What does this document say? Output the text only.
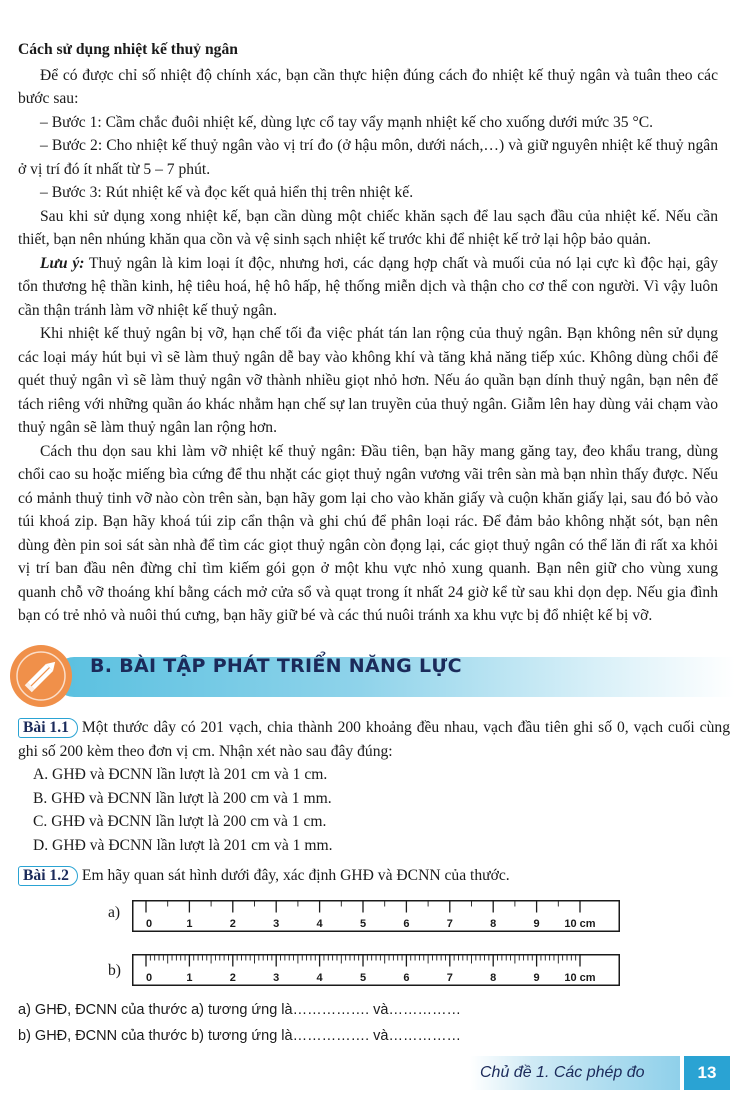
Cách sử dụng nhiệt kế thuỷ ngân

Để có được chỉ số nhiệt độ chính xác, bạn cần thực hiện đúng cách đo nhiệt kế thuỷ ngân và tuân theo các bước sau:

– Bước 1: Cầm chắc đuôi nhiệt kế, dùng lực cổ tay vẩy mạnh nhiệt kế cho xuống dưới mức 35 °C.

– Bước 2: Cho nhiệt kế thuỷ ngân vào vị trí đo (ở hậu môn, dưới nách,…) và giữ nguyên nhiệt kế thuỷ ngân ở vị trí đó ít nhất từ 5 – 7 phút.

– Bước 3: Rút nhiệt kế và đọc kết quả hiển thị trên nhiệt kế.

Sau khi sử dụng xong nhiệt kế, bạn cần dùng một chiếc khăn sạch để lau sạch đầu của nhiệt kế. Nếu cần thiết, bạn nên nhúng khăn qua cồn và vệ sinh sạch nhiệt kế trước khi để nhiệt kế trở lại hộp bảo quản.

Lưu ý: Thuỷ ngân là kim loại ít độc, nhưng hơi, các dạng hợp chất và muối của nó lại cực kì độc hại, gây tổn thương hệ thần kinh, hệ tiêu hoá, hệ hô hấp, hệ thống miễn dịch và thận cho cơ thể con người. Vì vậy luôn cần thận tránh làm vỡ nhiệt kế thuỷ ngân.

Khi nhiệt kế thuỷ ngân bị vỡ, hạn chế tối đa việc phát tán lan rộng của thuỷ ngân. Bạn không nên sử dụng các loại máy hút bụi vì sẽ làm thuỷ ngân dễ bay vào không khí và tăng khả năng tiếp xúc. Không dùng chổi để quét thuỷ ngân vì sẽ làm thuỷ ngân vỡ thành nhiều giọt nhỏ hơn. Nếu áo quần bạn dính thuỷ ngân, bạn nên để tách riêng với những quần áo khác nhằm hạn chế sự lan truyền của thuỷ ngân. Giẫm lên hay dùng vải chạm vào thuỷ ngân sẽ làm thuỷ ngân lan rộng hơn.

Cách thu dọn sau khi làm vỡ nhiệt kế thuỷ ngân: Đầu tiên, bạn hãy mang găng tay, đeo khẩu trang, dùng chổi cao su hoặc miếng bìa cứng để thu nhặt các giọt thuỷ ngân vương vãi trên sàn mà bạn nhìn thấy được. Nếu có mảnh thuỷ tinh vỡ nào còn trên sàn, bạn hãy gom lại cho vào khăn giấy và cuộn khăn giấy lại, sau đó bỏ vào túi khoá zip. Bạn hãy khoá túi zip cẩn thận và ghi chú để phân loại rác. Để đảm bảo không nhặt sót, bạn nên dùng đèn pin soi sát sàn nhà để tìm các giọt thuỷ ngân còn đọng lại, các giọt thuỷ ngân có thể lăn đi rất xa khỏi vị trí ban đầu nên đừng chỉ tìm kiếm gói gọn ở một khu vực nhỏ xung quanh. Bạn nên giữ cho vùng xung quanh chỗ vỡ thoáng khí bằng cách mở cửa sổ và quạt trong ít nhất 24 giờ kể từ sau khi dọn dẹp. Nếu gia đình bạn có trẻ nhỏ và nuôi thú cưng, bạn hãy giữ bé và các thú nuôi tránh xa khu vực bị đổ nhiệt kế bị vỡ.

B. BÀI TẬP PHÁT TRIỂN NĂNG LỰC

Bài 1.1 Một thước dây có 201 vạch, chia thành 200 khoảng đều nhau, vạch đầu tiên ghi số 0, vạch cuối cùng ghi số 200 kèm theo đơn vị cm. Nhận xét nào sau đây đúng:

A. GHĐ và ĐCNN lần lượt là 201 cm và 1 cm.
B. GHĐ và ĐCNN lần lượt là 200 cm và 1 mm.
C. GHĐ và ĐCNN lần lượt là 200 cm và 1 cm.
D. GHĐ và ĐCNN lần lượt là 201 cm và 1 mm.

Bài 1.2 Em hãy quan sát hình dưới đây, xác định GHĐ và ĐCNN của thước.

a)
0	1	2	3	4	5	6	7	8	9 10 cm
b) 0	1	2	3	4	5	6	7	8	9 10 cm
a) GHĐ, ĐCNN của thước a) tương ứng là……………. và……………
b) GHĐ, ĐCNN của thước b) tương ứng là……………. và……………
Chủ đề 1. Các phép đo	13
